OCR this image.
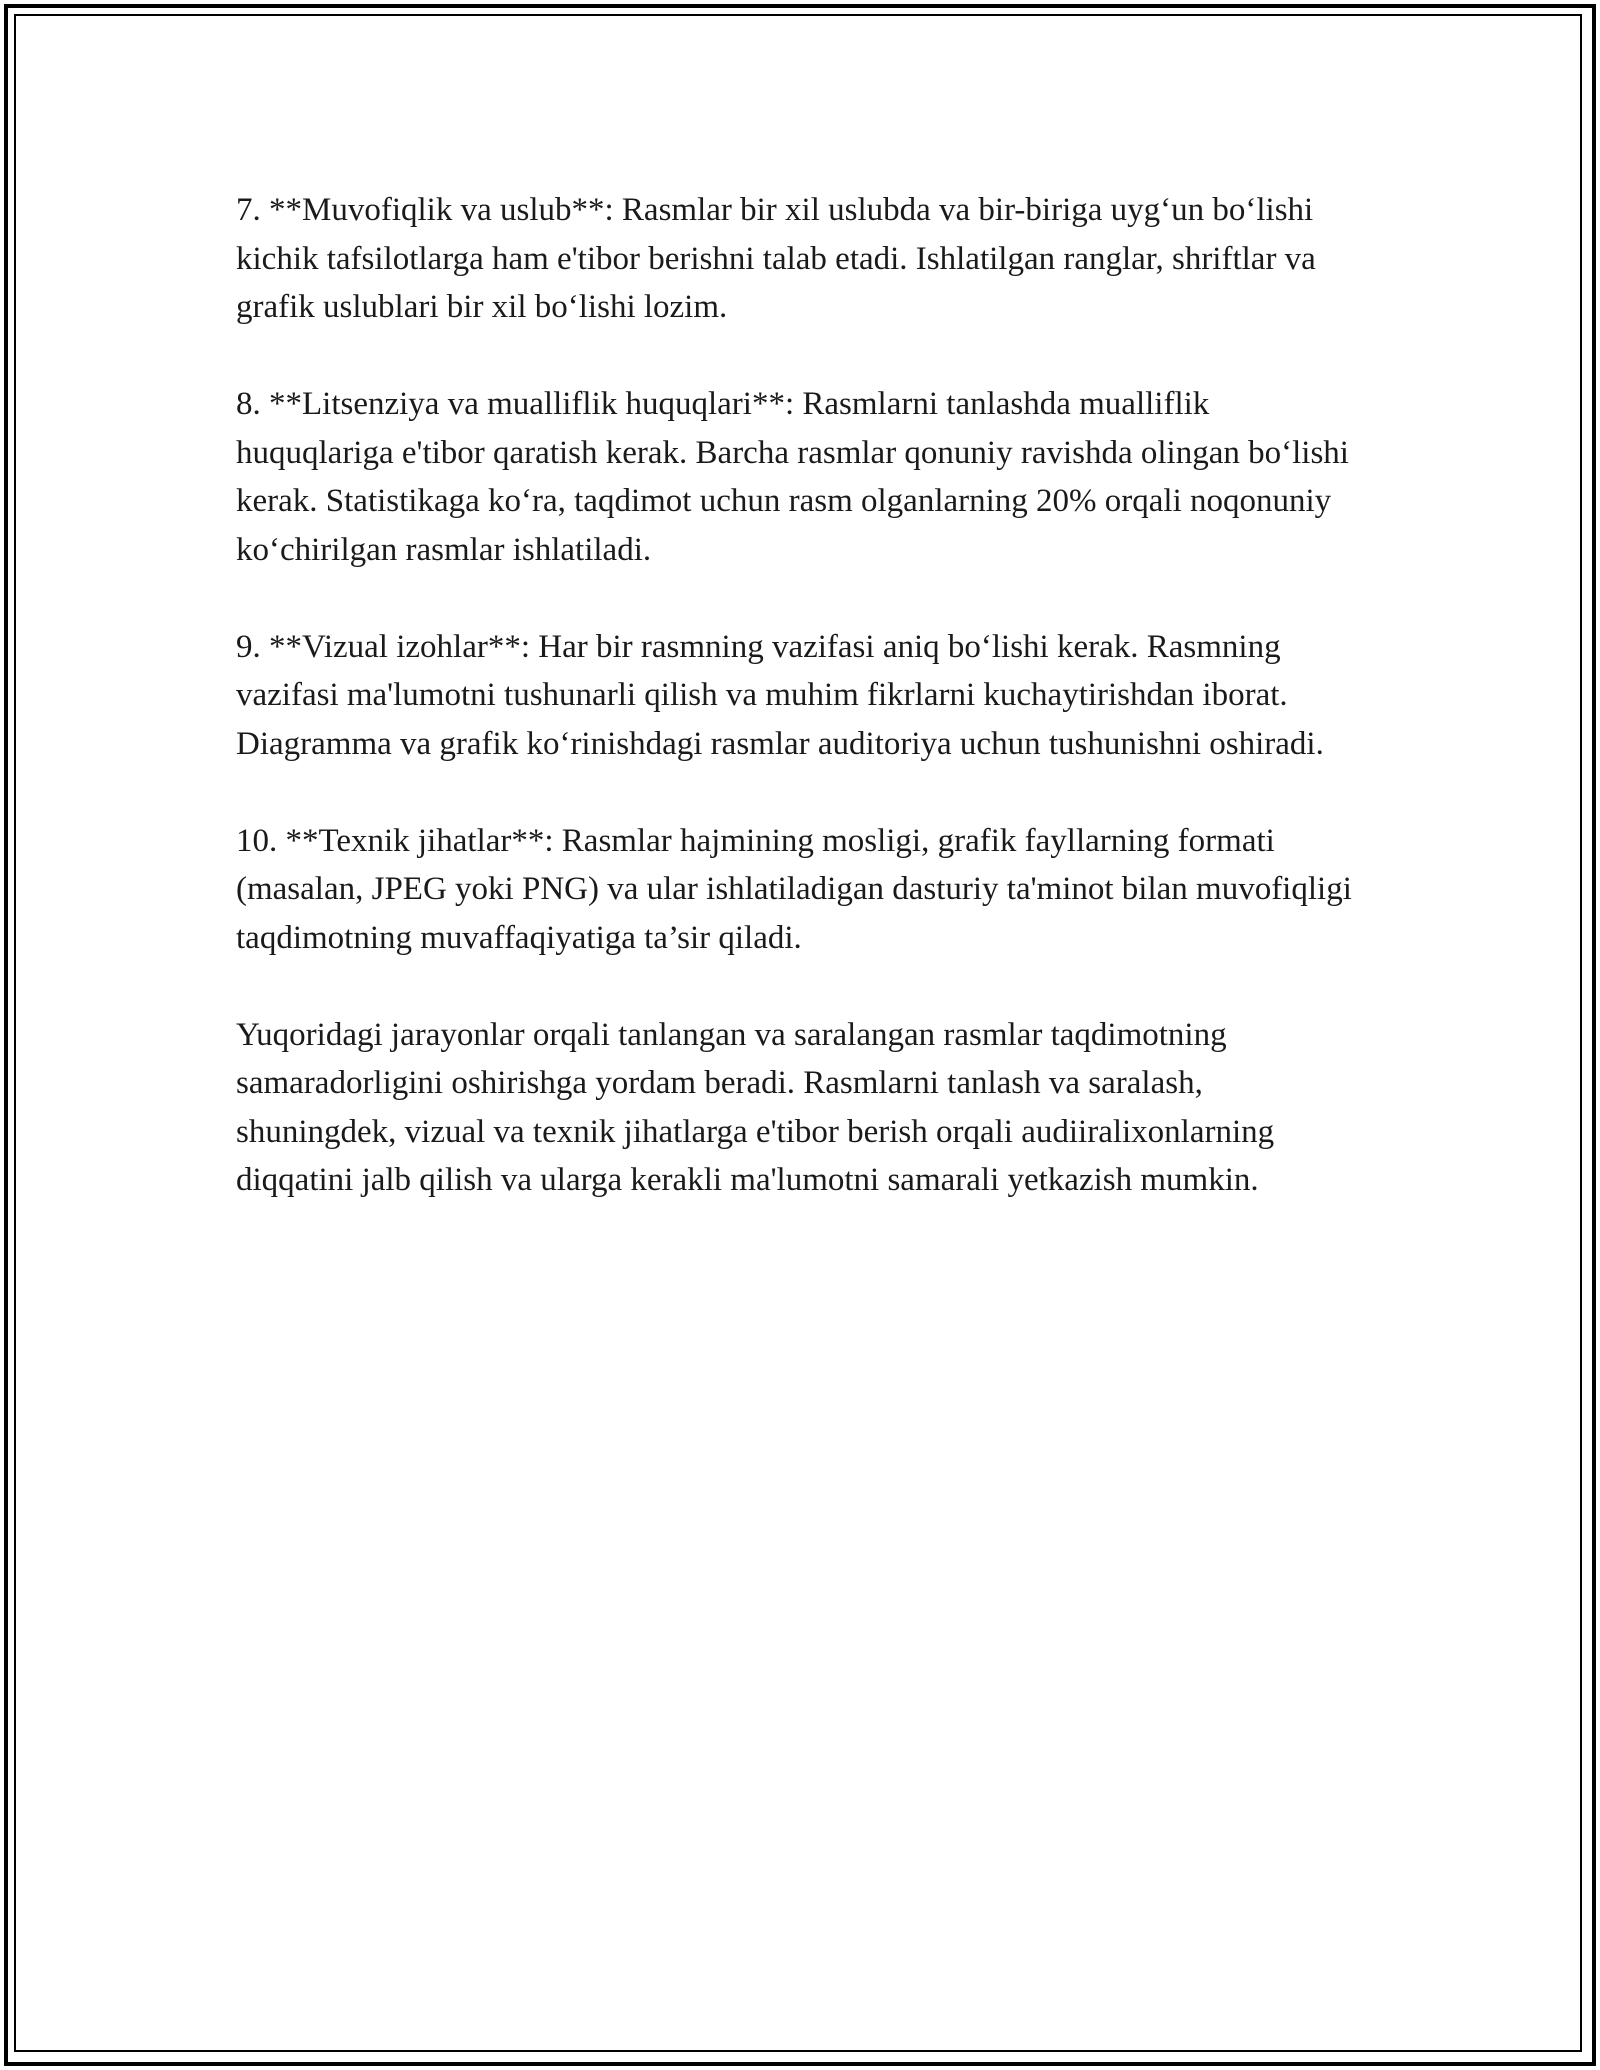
7. **Muvofiqlik va uslub**: Rasmlar bir xil uslubda va bir-biriga uyg‘un bo‘lishi kichik tafsilotlarga ham e'tibor berishni talab etadi. Ishlatilgan ranglar, shriftlar va grafik uslublari bir xil bo‘lishi lozim.

8. **Litsenziya va mualliflik huquqlari**: Rasmlarni tanlashda mualliflik huquqlariga e'tibor qaratish kerak. Barcha rasmlar qonuniy ravishda olingan bo‘lishi kerak. Statistikaga ko‘ra, taqdimot uchun rasm olganlarning 20% orqali noqonuniy ko‘chirilgan rasmlar ishlatiladi.

9. **Vizual izohlar**: Har bir rasmning vazifasi aniq bo‘lishi kerak. Rasmning vazifasi ma'lumotni tushunarli qilish va muhim fikrlarni kuchaytirishdan iborat. Diagramma va grafik ko‘rinishdagi rasmlar auditoriya uchun tushunishni oshiradi.

10. **Texnik jihatlar**: Rasmlar hajmining mosligi, grafik fayllarning formati (masalan, JPEG yoki PNG) va ular ishlatiladigan dasturiy ta'minot bilan muvofiqligi taqdimotning muvaffaqiyatiga ta’sir qiladi.

Yuqoridagi jarayonlar orqali tanlangan va saralangan rasmlar taqdimotning samaradorligini oshirishga yordam beradi. Rasmlarni tanlash va saralash, shuningdek, vizual va texnik jihatlarga e'tibor berish orqali audiiralixonlarning diqqatini jalb qilish va ularga kerakli ma'lumotni samarali yetkazish mumkin.
